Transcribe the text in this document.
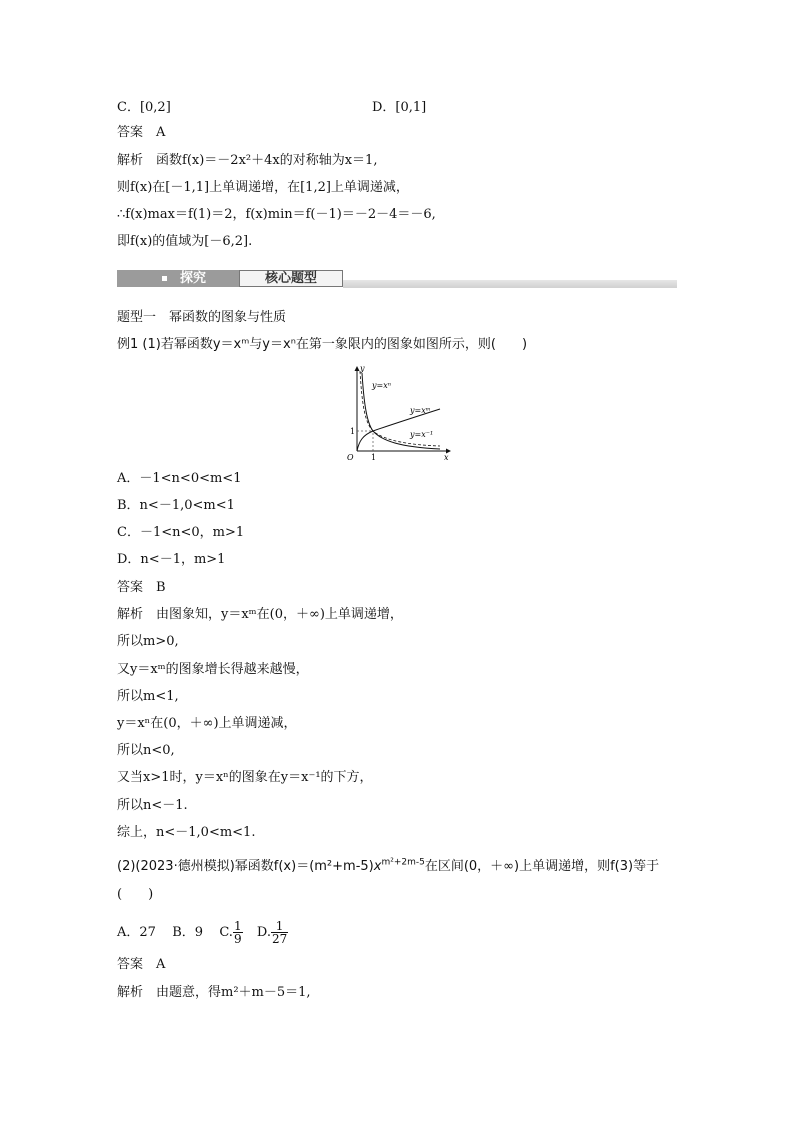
C．[0,2]	D．[0,1]
答案　A
解析　函数f(x)＝－2x²＋4x的对称轴为x＝1,
则f(x)在[－1,1]上单调递增，在[1,2]上单调递减，
∴f(x)max＝f(1)＝2，f(x)min＝f(－1)＝－2－4＝－6,
即f(x)的值域为[－6,2].
探究	核心题型
题型一　幂函数的图象与性质
例1 (1)若幂函数y＝xᵐ与y＝xⁿ在第一象限内的图象如图所示，则(　　)
y
x
O 1
1
y=xⁿ
y=xᵐ
y=x⁻¹
A．－1<n<0<m<1
B．n<－1,0<m<1
C．－1<n<0，m>1
D．n<－1，m>1
答案　B
解析　由图象知，y＝xᵐ在(0，＋∞)上单调递增，
所以m>0,
又y＝xᵐ的图象增长得越来越慢，
所以m<1,
y＝xⁿ在(0，＋∞)上单调递减，
所以n<0,
又当x>1时，y＝xⁿ的图象在y＝x⁻¹的下方，
所以n<－1.
综上，n<－1,0<m<1.
(2)(2023·德州模拟)幂函数$f(x)=(m^2+m-5)x^{m^2+2m-5}$在区间(0，＋∞)上单调递增，则f(3)等于
(　　)
A．27 B．9 C. $\frac{1}{9} D$. $\frac{1}{27}$
答案　A
解析　由题意，得m²＋m－5＝1,
